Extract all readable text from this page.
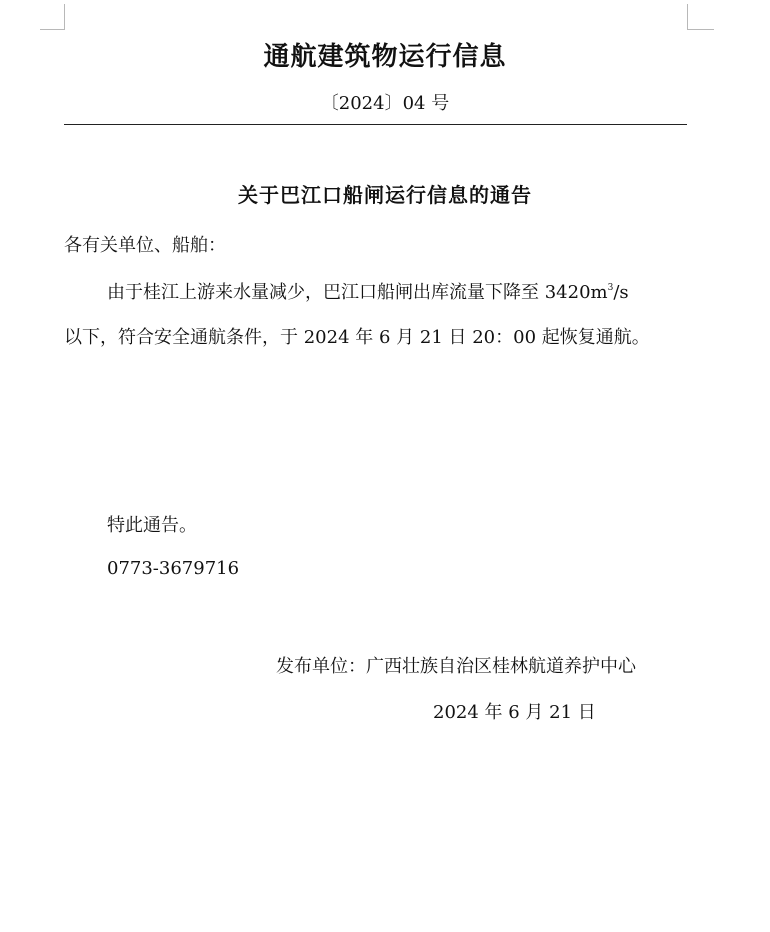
通航建筑物运行信息
〔2024〕04 号
关于巴江口船闸运行信息的通告
各有关单位、船舶：
由于桂江上游来水量减少，巴江口船闸出库流量下降至 $3420m^3/s$
以下，符合安全通航条件，于 2024 年 6 月 21 日 20：00 起恢复通航。
特此通告。
0773-3679716
发布单位：广西壮族自治区桂林航道养护中心
2024 年 6 月 21 日
